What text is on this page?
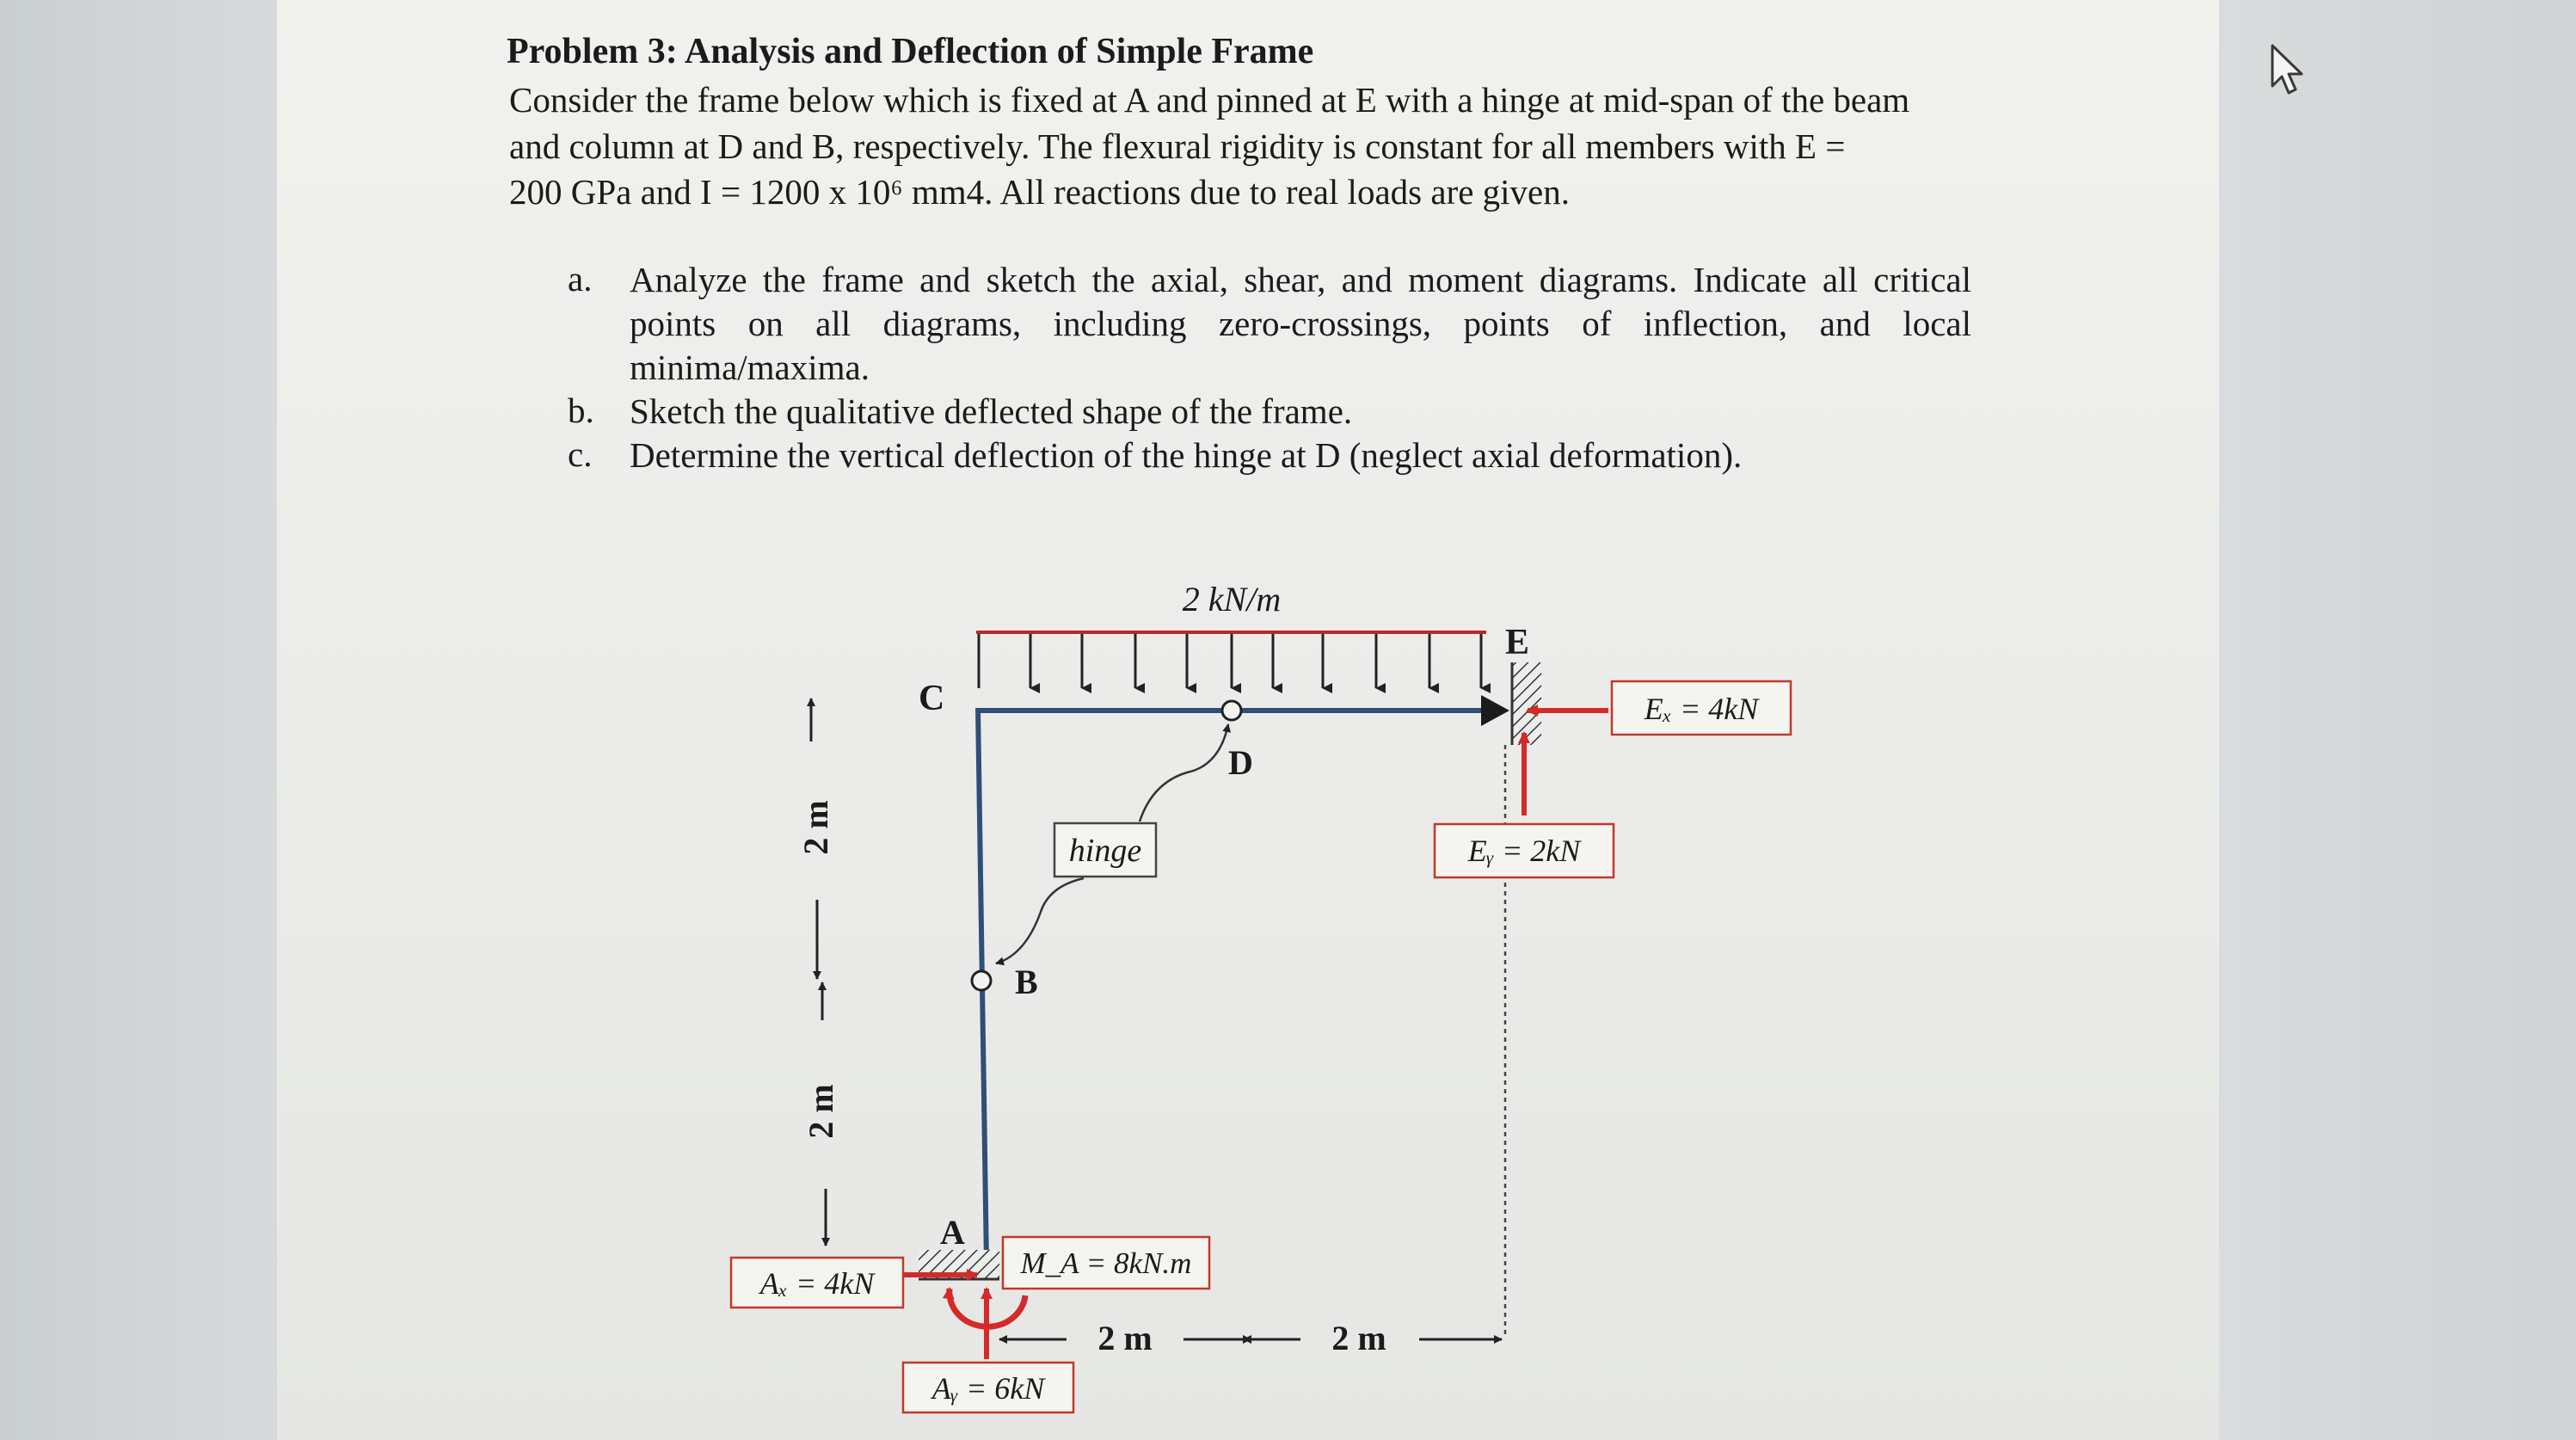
Problem 3: Analysis and Deflection of Simple Frame

Consider the frame below which is fixed at A and pinned at E with a hinge at mid-span of the beam
and column at D and B, respectively. The flexural rigidity is constant for all members with E =
200 GPa and I = 1200 x 10⁶ mm4. All reactions due to real loads are given.

a.	Analyze the frame and sketch the axial, shear, and moment diagrams. Indicate all critical points on all diagrams, including zero-crossings, points of inflection, and local minima/maxima.
b.	Sketch the qualitative deflected shape of the frame.
c.	Determine the vertical deflection of the hinge at D (neglect axial deformation).
2 kN/m
C
D
E
B
A
hinge
2 m
2 m
2 m	2 m
Eₓ = 4kN
Eᵧ = 2kN
Aₓ = 4kN
M_A = 8kN.m
Aᵧ = 6kN
